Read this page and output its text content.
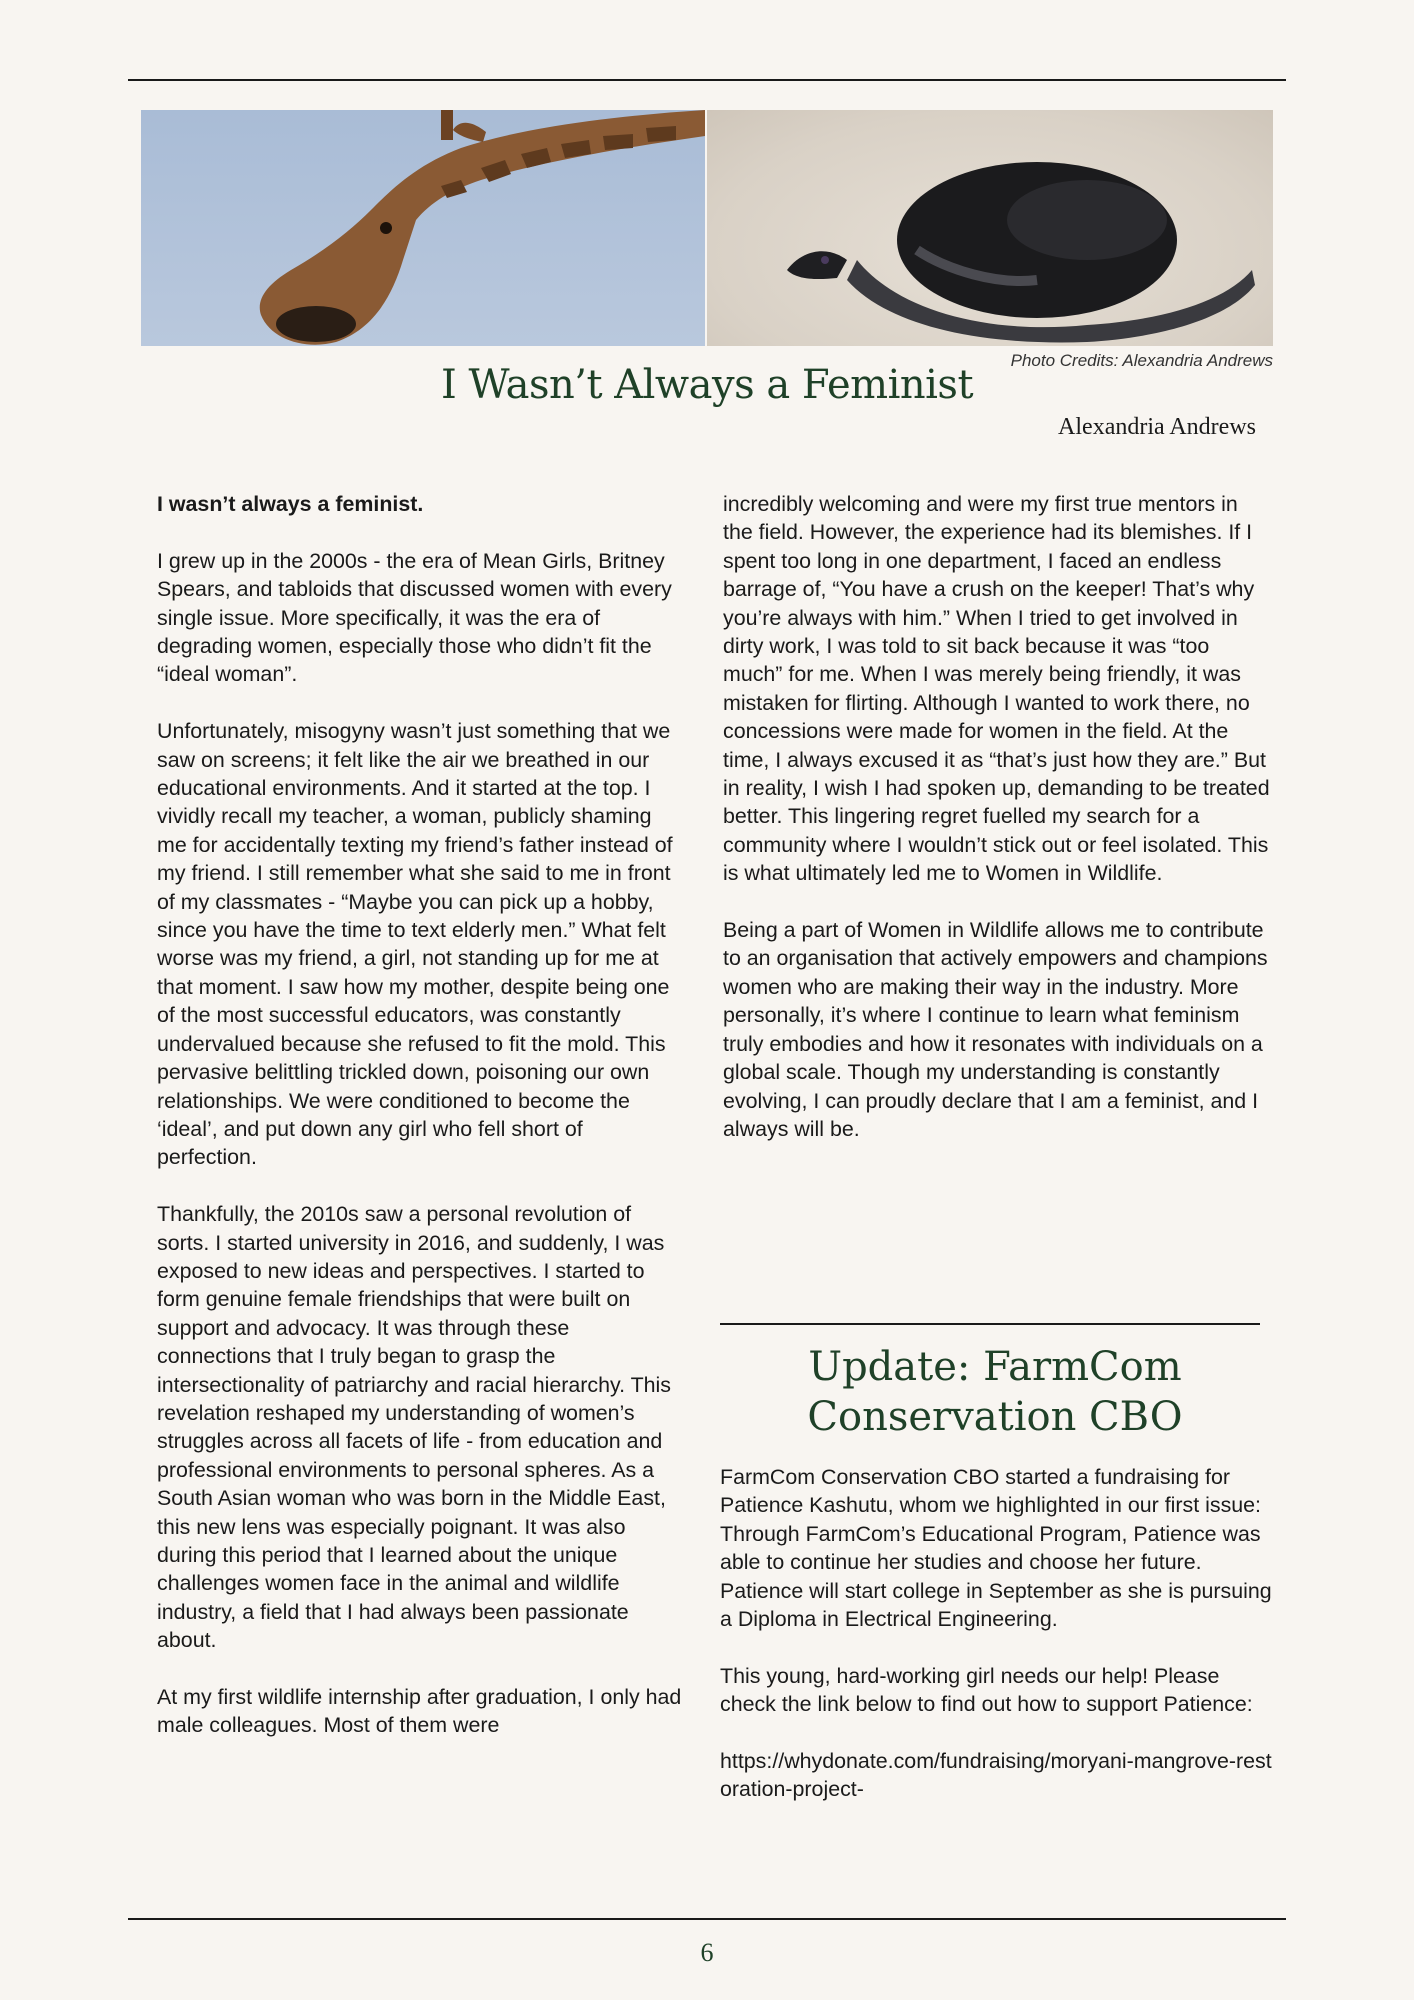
Photo Credits: Alexandria Andrews
I Wasn’t Always a Feminist
Alexandria Andrews

I wasn’t always a feminist.

I grew up in the 2000s - the era of Mean Girls, Britney Spears, and tabloids that discussed women with every single issue. More specifically, it was the era of degrading women, especially those who didn’t fit the “ideal woman”.

Unfortunately, misogyny wasn’t just something that we saw on screens; it felt like the air we breathed in our educational environments. And it started at the top. I vividly recall my teacher, a woman, publicly shaming me for accidentally texting my friend’s father instead of my friend. I still remember what she said to me in front of my classmates - “Maybe you can pick up a hobby, since you have the time to text elderly men.” What felt worse was my friend, a girl, not standing up for me at that moment. I saw how my mother, despite being one of the most successful educators, was constantly undervalued because she refused to fit the mold. This pervasive belittling trickled down, poisoning our own relationships. We were conditioned to become the ‘ideal’, and put down any girl who fell short of perfection.

Thankfully, the 2010s saw a personal revolution of sorts. I started university in 2016, and suddenly, I was exposed to new ideas and perspectives. I started to form genuine female friendships that were built on support and advocacy. It was through these connections that I truly began to grasp the intersectionality of patriarchy and racial hierarchy. This revelation reshaped my understanding of women’s struggles across all facets of life - from education and professional environments to personal spheres. As a South Asian woman who was born in the Middle East, this new lens was especially poignant. It was also during this period that I learned about the unique challenges women face in the animal and wildlife industry, a field that I had always been passionate about.

At my first wildlife internship after graduation, I only had male colleagues. Most of them were

incredibly welcoming and were my first true mentors in the field. However, the experience had its blemishes. If I spent too long in one department, I faced an endless barrage of, “You have a crush on the keeper! That’s why you’re always with him.” When I tried to get involved in dirty work, I was told to sit back because it was “too much” for me. When I was merely being friendly, it was mistaken for flirting. Although I wanted to work there, no concessions were made for women in the field. At the time, I always excused it as “that’s just how they are.” But in reality, I wish I had spoken up, demanding to be treated better. This lingering regret fuelled my search for a community where I wouldn’t stick out or feel isolated. This is what ultimately led me to Women in Wildlife.

Being a part of Women in Wildlife allows me to contribute to an organisation that actively empowers and champions women who are making their way in the industry. More personally, it’s where I continue to learn what feminism truly embodies and how it resonates with individuals on a global scale. Though my understanding is constantly evolving, I can proudly declare that I am a feminist, and I always will be.

Update: FarmCom
Conservation CBO

FarmCom Conservation CBO started a fundraising for Patience Kashutu, whom we highlighted in our first issue: Through FarmCom’s Educational Program, Patience was able to continue her studies and choose her future. Patience will start college in September as she is pursuing a Diploma in Electrical Engineering.

This young, hard-working girl needs our help! Please check the link below to find out how to support Patience:

https://whydonate.com/fundraising/moryani-mangrove-restoration-project-

6
